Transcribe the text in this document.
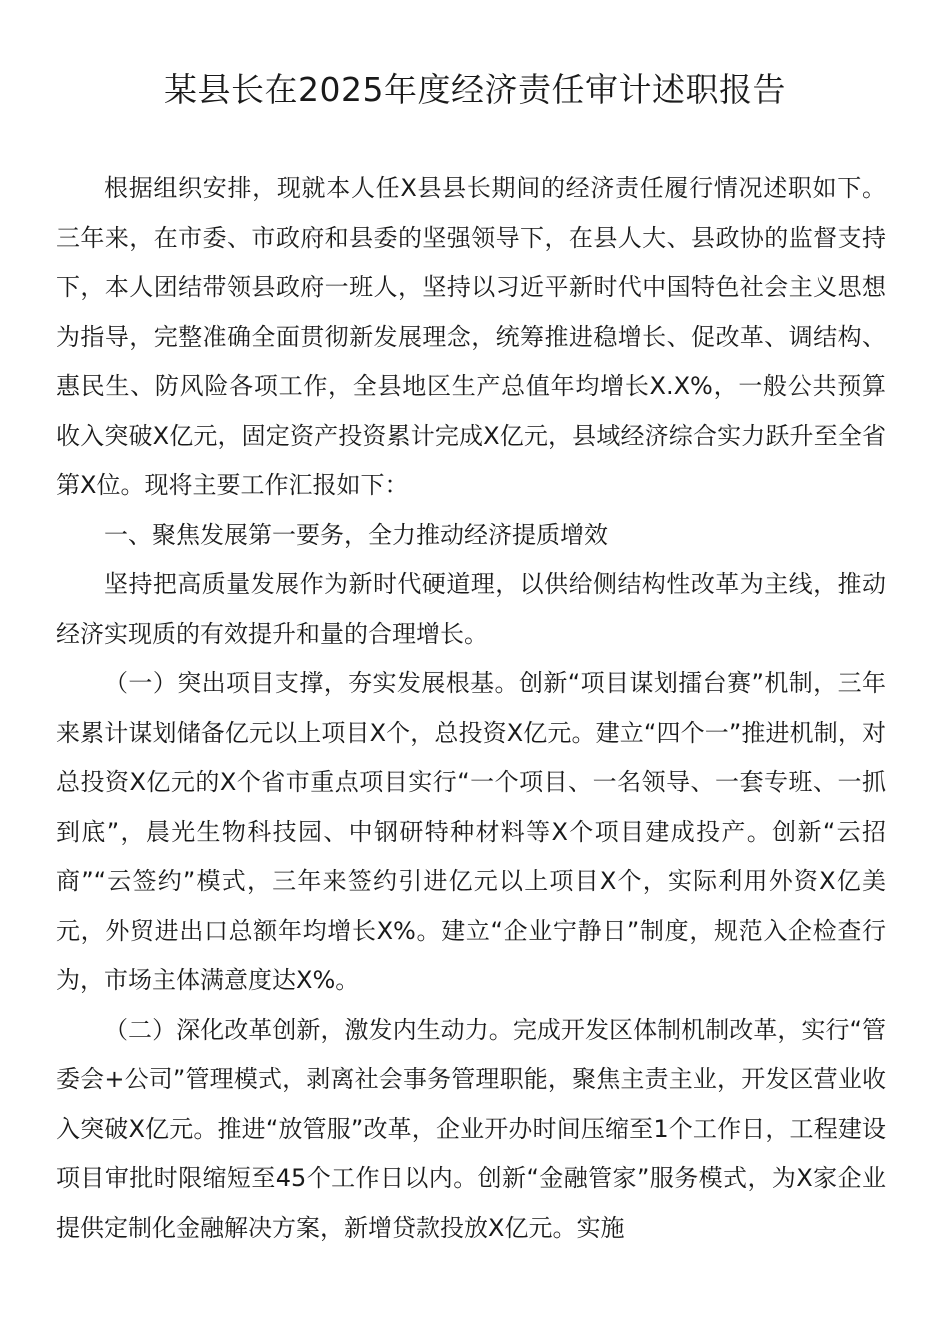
某县长在2025年度经济责任审计述职报告

根据组织安排，现就本人任X县县长期间的经济责任履行情况述职如下。三年来，在市委、市政府和县委的坚强领导下，在县人大、县政协的监督支持下，本人团结带领县政府一班人，坚持以习近平新时代中国特色社会主义思想为指导，完整准确全面贯彻新发展理念，统筹推进稳增长、促改革、调结构、惠民生、防风险各项工作，全县地区生产总值年均增长X.X%，一般公共预算收入突破X亿元，固定资产投资累计完成X亿元，县域经济综合实力跃升至全省第X位。现将主要工作汇报如下：

一、聚焦发展第一要务，全力推动经济提质增效

坚持把高质量发展作为新时代硬道理，以供给侧结构性改革为主线，推动经济实现质的有效提升和量的合理增长。

（一）突出项目支撑，夯实发展根基。创新“项目谋划擂台赛”机制，三年来累计谋划储备亿元以上项目X个，总投资X亿元。建立“四个一”推进机制，对总投资X亿元的X个省市重点项目实行“一个项目、一名领导、一套专班、一抓到底”，晨光生物科技园、中钢研特种材料等X个项目建成投产。创新“云招商”“云签约”模式，三年来签约引进亿元以上项目X个，实际利用外资X亿美元，外贸进出口总额年均增长X%。建立“企业宁静日”制度，规范入企检查行为，市场主体满意度达X%。

（二）深化改革创新，激发内生动力。完成开发区体制机制改革，实行“管委会+公司”管理模式，剥离社会事务管理职能，聚焦主责主业，开发区营业收入突破X亿元。推进“放管服”改革，企业开办时间压缩至1个工作日，工程建设项目审批时限缩短至45个工作日以内。创新“金融管家”服务模式，为X家企业提供定制化金融解决方案，新增贷款投放X亿元。实施
